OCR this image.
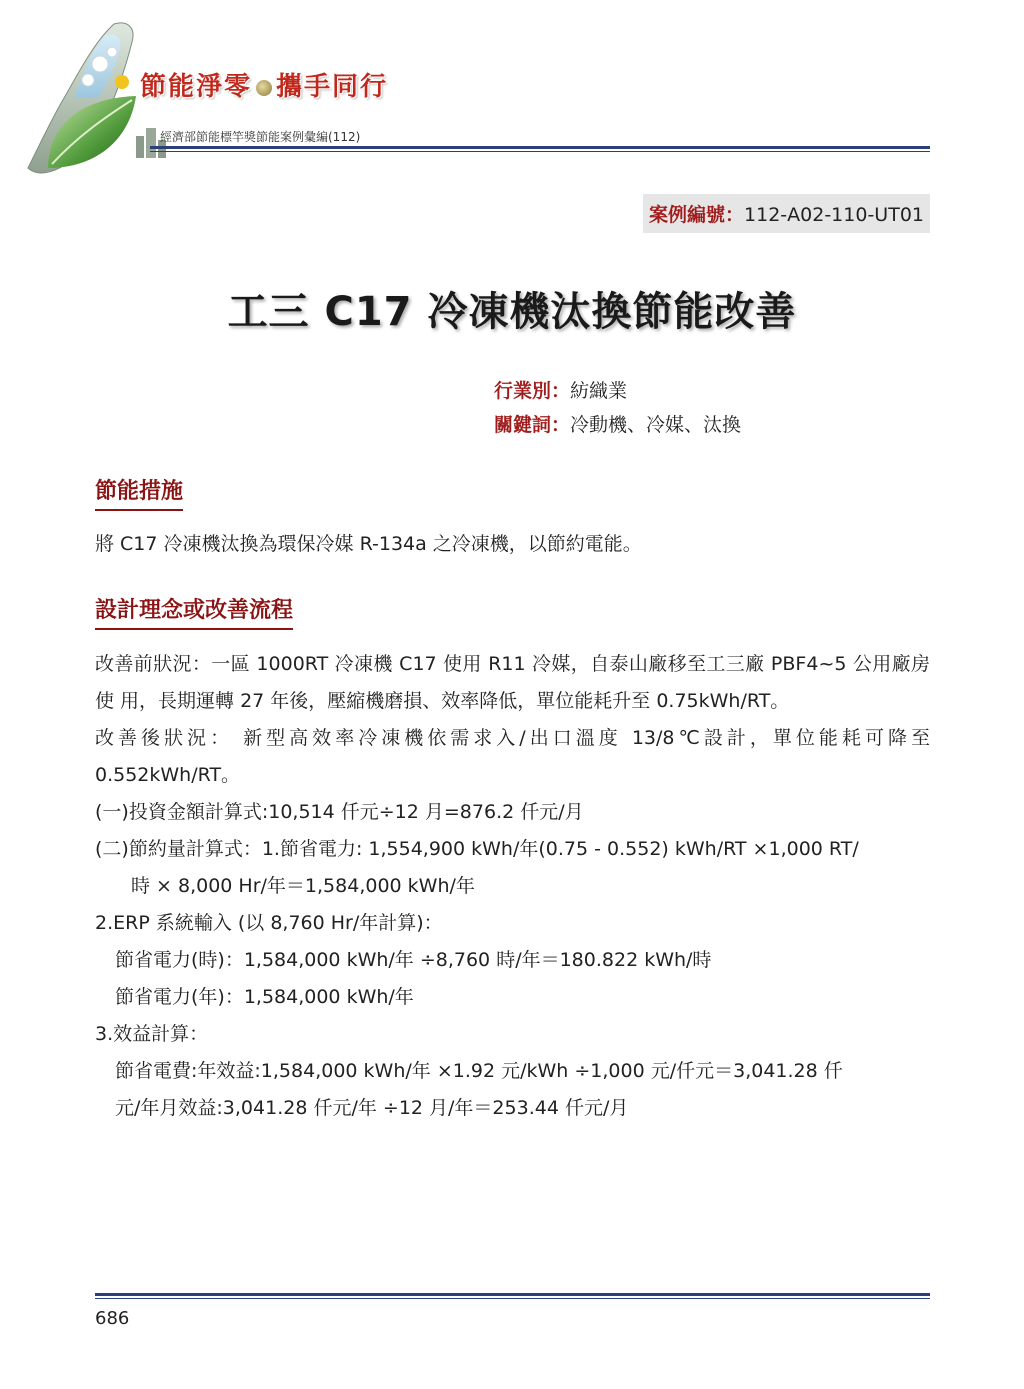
節能淨零 攜手同行
經濟部節能標竿獎節能案例彙編(112)
案例編號：112-A02-110-UT01
工三 C17 冷凍機汰換節能改善
行業別：紡織業
關鍵詞：冷動機、冷媒、汰換
節能措施

將 C17 冷凍機汰換為環保冷媒 R-134a 之冷凍機，以節約電能。

設計理念或改善流程

改善前狀況：一區 1000RT 冷凍機 C17 使用 R11 冷媒，自泰山廠移至工三廠 PBF4~5 公用廠房使 用，長期運轉 27 年後，壓縮機磨損、效率降低，單位能耗升至 0.75kWh/RT。

改善後狀況： 新型高效率冷凍機依需求入/出口溫度 13/8℃設計，單位能耗可降至 0.552kWh/RT。

(一)投資金額計算式:10,514 仟元÷12 月=876.2 仟元/月

(二)節約量計算式：1.節省電力: 1,554,900 kWh/年(0.75 - 0.552) kWh/RT ×1,000 RT/

時 × 8,000 Hr/年＝1,584,000 kWh/年

2.ERP 系統輸入 (以 8,760 Hr/年計算)：

節省電力(時)：1,584,000 kWh/年 ÷8,760 時/年＝180.822 kWh/時

節省電力(年)：1,584,000 kWh/年

3.效益計算：

節省電費:年效益:1,584,000 kWh/年 ×1.92 元/kWh ÷1,000 元/仟元＝3,041.28 仟

元/年月效益:3,041.28 仟元/年 ÷12 月/年＝253.44 仟元/月

686
